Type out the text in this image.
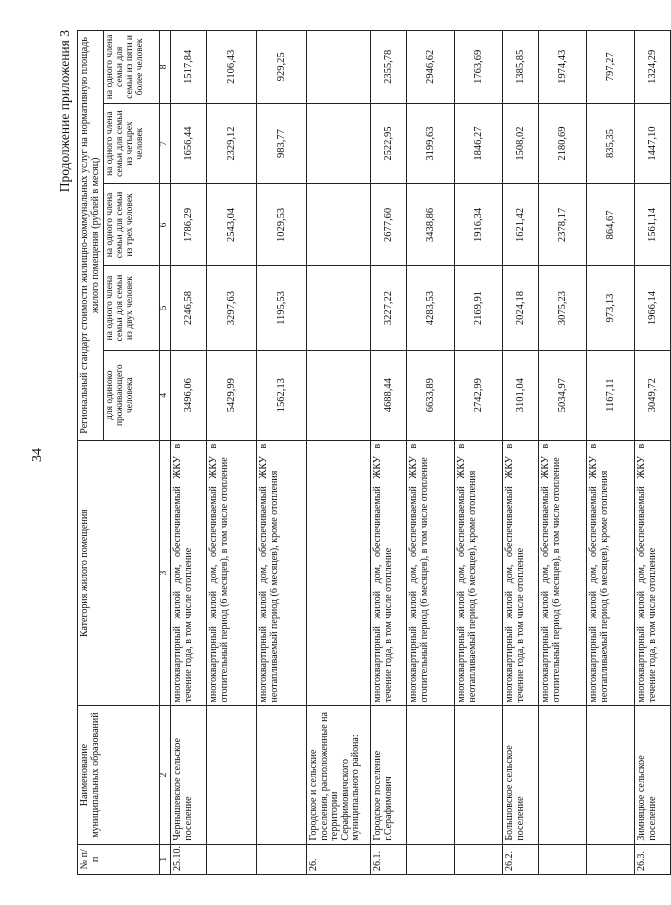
34
Продолжение приложения 3
№ п/п	Наименование муниципальных образований	Категория жилого помещения	Региональный стандарт стоимости жилищно-коммунальных услуг на нормативную площадь жилого помещения (рублей в месяц)				
			для одиноко проживающего человека	на одного члена семьи для семьи из двух человек	на одного члена семьи для семьи из трех человек	на одного члена семьи для семьи из четырех человек	на одного члена семьи для семьи из пяти и более человек
1	2	3	4	5	6	7	8
25.10.	Чернышевское сельское поселение	многоквартирный жилой дом, обеспечиваемый ЖКУ в течение года, в том числе отопление	3496,06	2246,58	1786,29	1656,44	1517,84
		многоквартирный жилой дом, обеспечиваемый ЖКУ в отопительный период (6 месяцев), в том числе отопление	5429,99	3297,63	2543,04	2329,12	2106,43
		многоквартирный жилой дом, обеспечиваемый ЖКУ в неотапливаемый период (6 месяцев), кроме отопления	1562,13	1195,53	1029,53	983,77	929,25
26.	Городское и сельские поселения, расположенные на территории Серафимовичского муниципального района:						
26.1.	Городское поселение г.Серафимович	многоквартирный жилой дом, обеспечиваемый ЖКУ в течение года, в том числе отопление	4688,44	3227,22	2677,60	2522,95	2355,78
		многоквартирный жилой дом, обеспечиваемый ЖКУ в отопительный период (6 месяцев), в том числе отопление	6633,89	4283,53	3438,86	3199,63	2946,62
		многоквартирный жилой дом, обеспечиваемый ЖКУ в неотапливаемый период (6 месяцев), кроме отопления	2742,99	2169,91	1916,34	1846,27	1763,69
26.2.	Большовское сельское поселение	многоквартирный жилой дом, обеспечиваемый ЖКУ в течение года, в том числе отопление	3101,04	2024,18	1621,42	1508,02	1385,85
		многоквартирный жилой дом, обеспечиваемый ЖКУ в отопительный период (6 месяцев), в том числе отопление	5034,97	3075,23	2378,17	2180,69	1974,43
		многоквартирный жилой дом, обеспечиваемый ЖКУ в неотапливаемый период (6 месяцев), кроме отопления	1167,11	973,13	864,67	835,35	797,27
26.3.	Зимняцкое сельское поселение	многоквартирный жилой дом, обеспечиваемый ЖКУ в течение года, в том числе отопление	3049,72	1966,14	1561,14	1447,10	1324,29
